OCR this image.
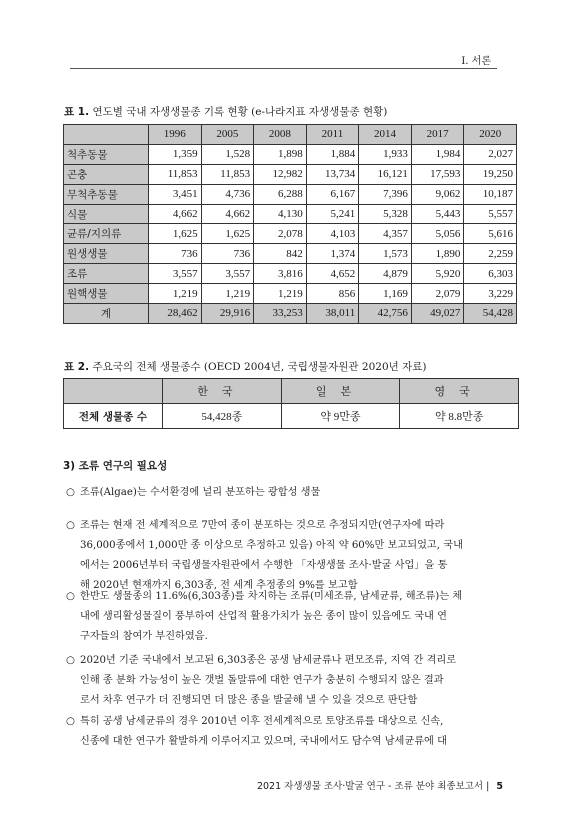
Ⅰ. 서론
표 1. 연도별 국내 자생생물종 기록 현황 (e-나라지표 자생생물종 현황)
	1996	2005	2008	2011	2014	2017	2020
척추동물	1,359	1,528	1,898	1,884	1,933	1,984	2,027
곤충	11,853	11,853	12,982	13,734	16,121	17,593	19,250
무척추동물	3,451	4,736	6,288	6,167	7,396	9,062	10,187
식물	4,662	4,662	4,130	5,241	5,328	5,443	5,557
균류/지의류	1,625	1,625	2,078	4,103	4,357	5,056	5,616
원생생물	736	736	842	1,374	1,573	1,890	2,259
조류	3,557	3,557	3,816	4,652	4,879	5,920	6,303
원핵생물	1,219	1,219	1,219	856	1,169	2,079	3,229
계	28,462	29,916	33,253	38,011	42,756	49,027	54,428
표 2. 주요국의 전체 생물종수 (OECD 2004년, 국립생물자원관 2020년 자료)
	한국	일본	영국
전체 생물종 수	54,428종	약 9만종	약 8.8만종
3) 조류 연구의 필요성
○ 조류(Algae)는 수서환경에 널리 분포하는 광합성 생물
○ 조류는 현재 전 세계적으로 7만여 종이 분포하는 것으로 추정되지만(연구자에 따라
36,000종에서 1,000만 종 이상으로 추정하고 있음) 아직 약 60%만 보고되었고, 국내
에서는 2006년부터 국립생물자원관에서 수행한 「자생생물 조사·발굴 사업」을 통
해 2020년 현재까지 6,303종, 전 세계 추정종의 9%를 보고함
○ 한반도 생물종의 11.6%(6,303종)를 차지하는 조류(미세조류, 남세균류, 해조류)는 체
내에 생리활성물질이 풍부하여 산업적 활용가치가 높은 종이 많이 있음에도 국내 연
구자들의 참여가 부진하였음.
○ 2020년 기준 국내에서 보고된 6,303종은 공생 남세균류나 편모조류, 지역 간 격리로
인해 종 분화 가능성이 높은 갯벌 돌말류에 대한 연구가 충분히 수행되지 않은 결과
로서 차후 연구가 더 진행되면 더 많은 종을 발굴해 낼 수 있을 것으로 판단함
○ 특히 공생 남세균류의 경우 2010년 이후 전세계적으로 토양조류를 대상으로 신속,
신종에 대한 연구가 활발하게 이루어지고 있으며, 국내에서도 담수역 남세균류에 대
2021 자생생물 조사·발굴 연구 - 조류 분야 최종보고서 | 5
